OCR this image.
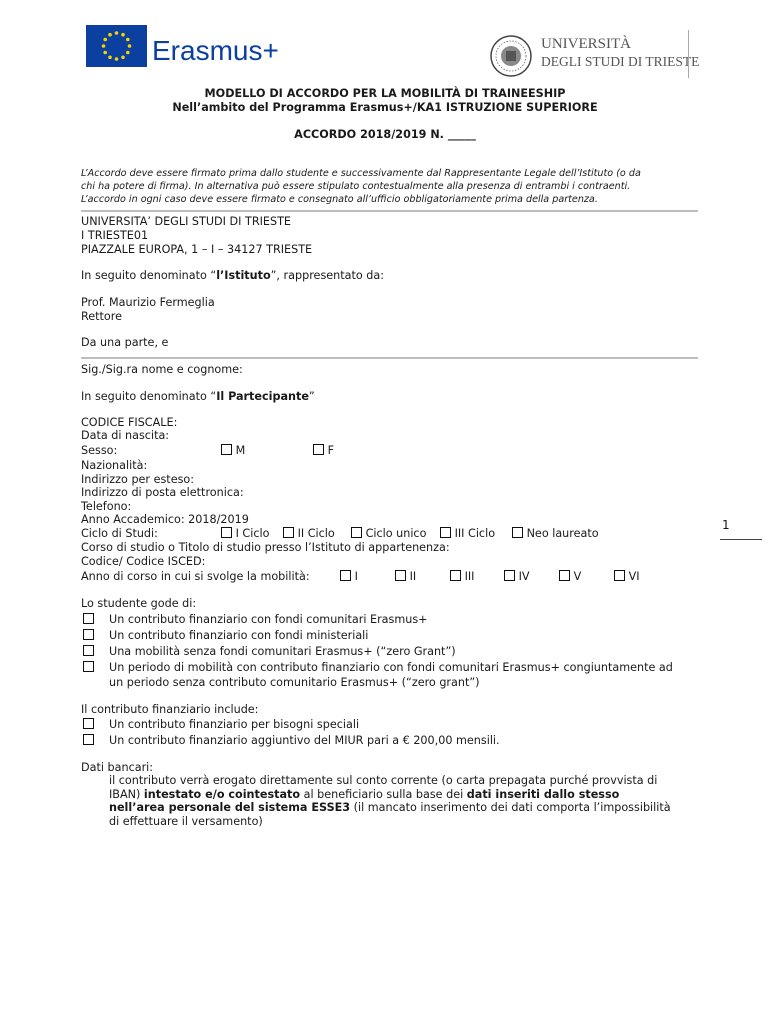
Erasmus+	UNIVERSITÀ
DEGLI STUDI DI TRIESTE
MODELLO DI ACCORDO PER LA MOBILITÀ DI TRAINEESHIP
Nell’ambito del Programma Erasmus+/KA1 ISTRUZIONE SUPERIORE
ACCORDO 2018/2019 N. _____
L’Accordo deve essere firmato prima dallo studente e successivamente dal Rappresentante Legale dell’Istituto (o da
chi ha potere di firma). In alternativa può essere stipulato contestualmente alla presenza di entrambi i contraenti.
L’accordo in ogni caso deve essere firmato e consegnato all’ufficio obbligatoriamente prima della partenza.
UNIVERSITA’ DEGLI STUDI DI TRIESTE
I TRIESTE01
PIAZZALE EUROPA, 1 – I – 34127 TRIESTE
In seguito denominato “l’Istituto”, rappresentato da:
Prof. Maurizio Fermeglia
Rettore
Da una parte, e
Sig./Sig.ra nome e cognome:
In seguito denominato “Il Partecipante”
CODICE FISCALE:
Data di nascita:
Sesso:	M	F
Nazionalità:
Indirizzo per esteso:
Indirizzo di posta elettronica:
Telefono:
Anno Accademico: 2018/2019
Ciclo di Studi:	I Ciclo	II Ciclo	Ciclo unico	III Ciclo	Neo laureato
Corso di studio o Titolo di studio presso l’Istituto di appartenenza:
Codice/ Codice ISCED:
Anno di corso in cui si svolge la mobilità:	I	II	III	IV	V	VI
1
Lo studente gode di:
Un contributo finanziario con fondi comunitari Erasmus+
Un contributo finanziario con fondi ministeriali
Una mobilità senza fondi comunitari Erasmus+ (“zero Grant”)
Un periodo di mobilità con contributo finanziario con fondi comunitari Erasmus+ congiuntamente ad
un periodo senza contributo comunitario Erasmus+ (“zero grant”)
Il contributo finanziario include:
Un contributo finanziario per bisogni speciali
Un contributo finanziario aggiuntivo del MIUR pari a € 200,00 mensili.
Dati bancari:
il contributo verrà erogato direttamente sul conto corrente (o carta prepagata purché provvista di
IBAN) intestato e/o cointestato al beneficiario sulla base dei dati inseriti dallo stesso
nell’area personale del sistema ESSE3 (il mancato inserimento dei dati comporta l’impossibilità
di effettuare il versamento)
